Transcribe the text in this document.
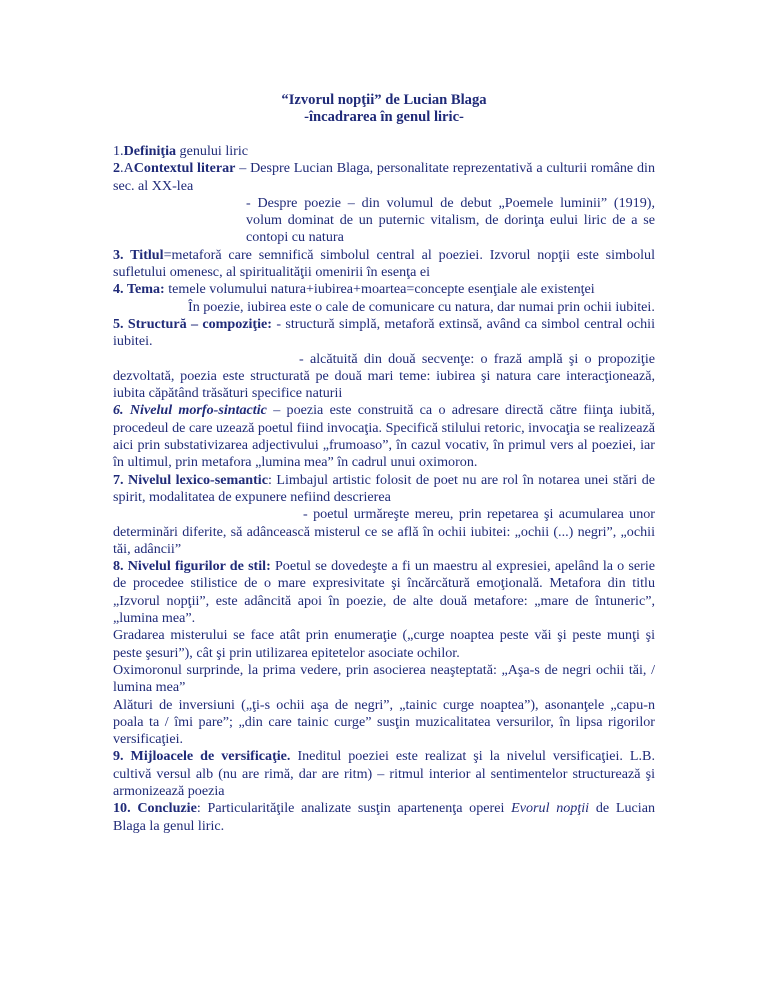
“Izvorul nopţii” de Lucian Blaga
-încadrarea în genul liric-

1.Definiţia genului liric

2.AContextul literar – Despre Lucian Blaga, personalitate reprezentativă a culturii române din sec. al XX-lea

- Despre poezie – din volumul de debut „Poemele luminii” (1919), volum dominat de un puternic vitalism, de dorinţa eului liric de a se contopi cu natura

3. Titlul=metaforă care semnifică simbolul central al poeziei. Izvorul nopţii este simbolul sufletului omenesc, al spiritualităţii omenirii în esenţa ei

4. Tema: temele volumului natura+iubirea+moartea=concepte esenţiale ale existenţei

În poezie, iubirea este o cale de comunicare cu natura, dar numai prin ochii iubitei.

5. Structură – compoziţie: - structură simplă, metaforă extinsă, având ca simbol central ochii iubitei.

- alcătuită din două secvenţe: o frază amplă şi o propoziţie dezvoltată, poezia este structurată pe două mari teme: iubirea şi natura care interacţionează, iubita căpătând trăsături specifice naturii

6. Nivelul morfo-sintactic – poezia este construită ca o adresare directă către fiinţa iubită, procedeul de care uzează poetul fiind invocaţia. Specifică stilului retoric, invocaţia se realizează aici prin substativizarea adjectivului „frumoaso”, în cazul vocativ, în primul vers al poeziei, iar în ultimul, prin metafora „lumina mea” în cadrul unui oximoron.

7. Nivelul lexico-semantic: Limbajul artistic folosit de poet nu are rol în notarea unei stări de spirit, modalitatea de expunere nefiind descrierea

- poetul urmăreşte mereu, prin repetarea şi acumularea unor determinări diferite, să adâncească misterul ce se află în ochii iubitei: „ochii (...) negri”, „ochii tăi, adâncii”

8. Nivelul figurilor de stil: Poetul se dovedeşte a fi un maestru al expresiei, apelând la o serie de procedee stilistice de o mare expresivitate şi încărcătură emoţională. Metafora din titlu „Izvorul nopţii”, este adâncită apoi în poezie, de alte două metafore: „mare de întuneric”, „lumina mea”.

Gradarea misterului se face atât prin enumeraţie („curge noaptea peste văi şi peste munţi şi peste şesuri”), cât şi prin utilizarea epitetelor asociate ochilor.

Oximoronul surprinde, la prima vedere, prin asocierea neaşteptată: „Aşa-s de negri ochii tăi, / lumina mea”

Alături de inversiuni („ţi-s ochii aşa de negri”, „tainic curge noaptea”), asonanţele „capu-n poala ta / îmi pare”; „din care tainic curge” susţin muzicalitatea versurilor, în lipsa rigorilor versificaţiei.

9. Mijloacele de versificaţie. Ineditul poeziei este realizat şi la nivelul versificaţiei. L.B. cultivă versul alb (nu are rimă, dar are ritm) – ritmul interior al sentimentelor structurează şi armonizează poezia

10. Concluzie: Particularităţile analizate susţin apartenenţa operei Evorul nopţii de Lucian Blaga la genul liric.
